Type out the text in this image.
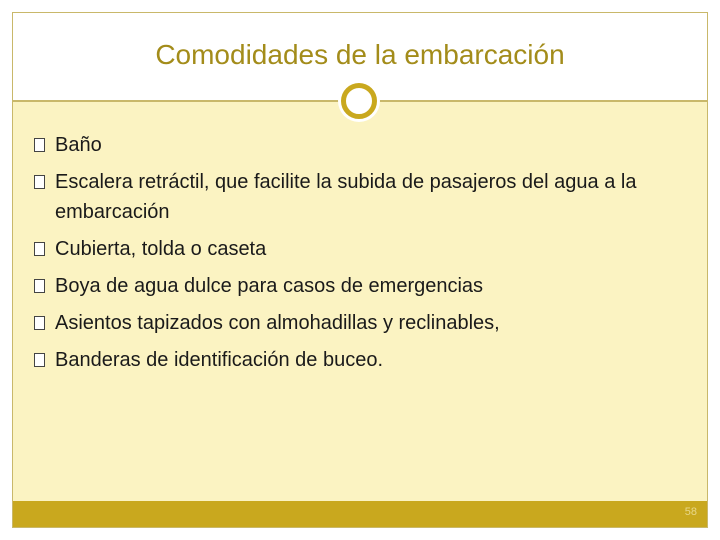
Comodidades de la embarcación
Baño
Escalera retráctil, que facilite la subida de pasajeros del agua a la embarcación
Cubierta, tolda o caseta
Boya de agua dulce para casos de emergencias
Asientos tapizados con almohadillas y reclinables,
Banderas de identificación de buceo.
58
